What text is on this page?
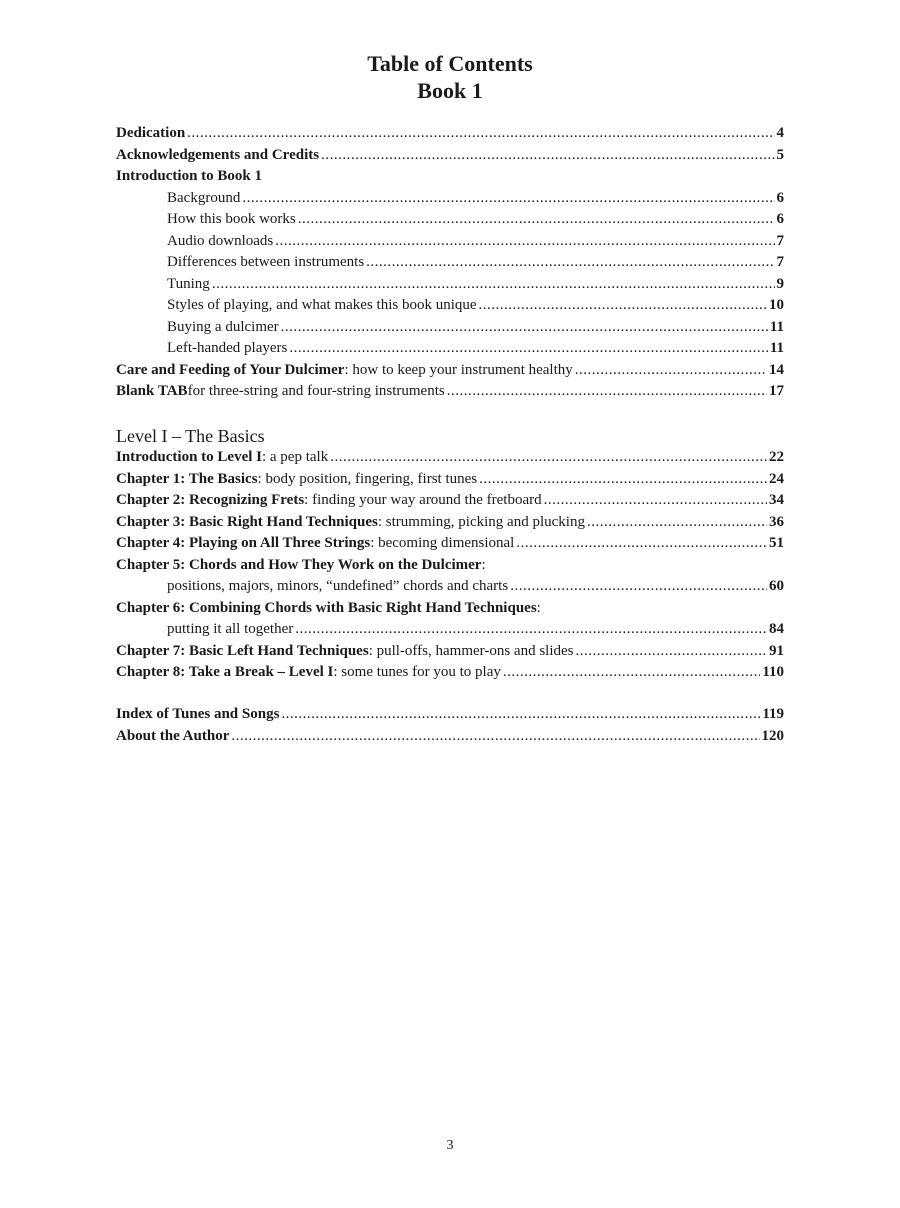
Table of Contents
Book 1
Dedication .....	4
Acknowledgements and Credits .....	5
Introduction to Book 1
Background .....	6
How this book works .....	6
Audio downloads .....	7
Differences between instruments .....	7
Tuning .....	9
Styles of playing, and what makes this book unique .....	10
Buying a dulcimer .....	11
Left-handed players .....	11
Care and Feeding of Your Dulcimer : how to keep your instrument healthy .....	14
Blank TAB for three-string and four-string instruments .....	17
Level I – The Basics
Introduction to Level I : a pep talk .....	22
Chapter 1: The Basics : body position, fingering, first tunes .....	24
Chapter 2: Recognizing Frets : finding your way around the fretboard .....	34
Chapter 3: Basic Right Hand Techniques : strumming, picking and plucking .....	36
Chapter 4: Playing on All Three Strings : becoming dimensional .....	51
Chapter 5: Chords and How They Work on the Dulcimer:
positions, majors, minors, “undefined” chords and charts .....	60
Chapter 6: Combining Chords with Basic Right Hand Techniques:
putting it all together .....	84
Chapter 7: Basic Left Hand Techniques : pull-offs, hammer-ons and slides .....	91
Chapter 8: Take a Break – Level I : some tunes for you to play .....	110
Index of Tunes and Songs .....	119
About the Author .....	120
3
